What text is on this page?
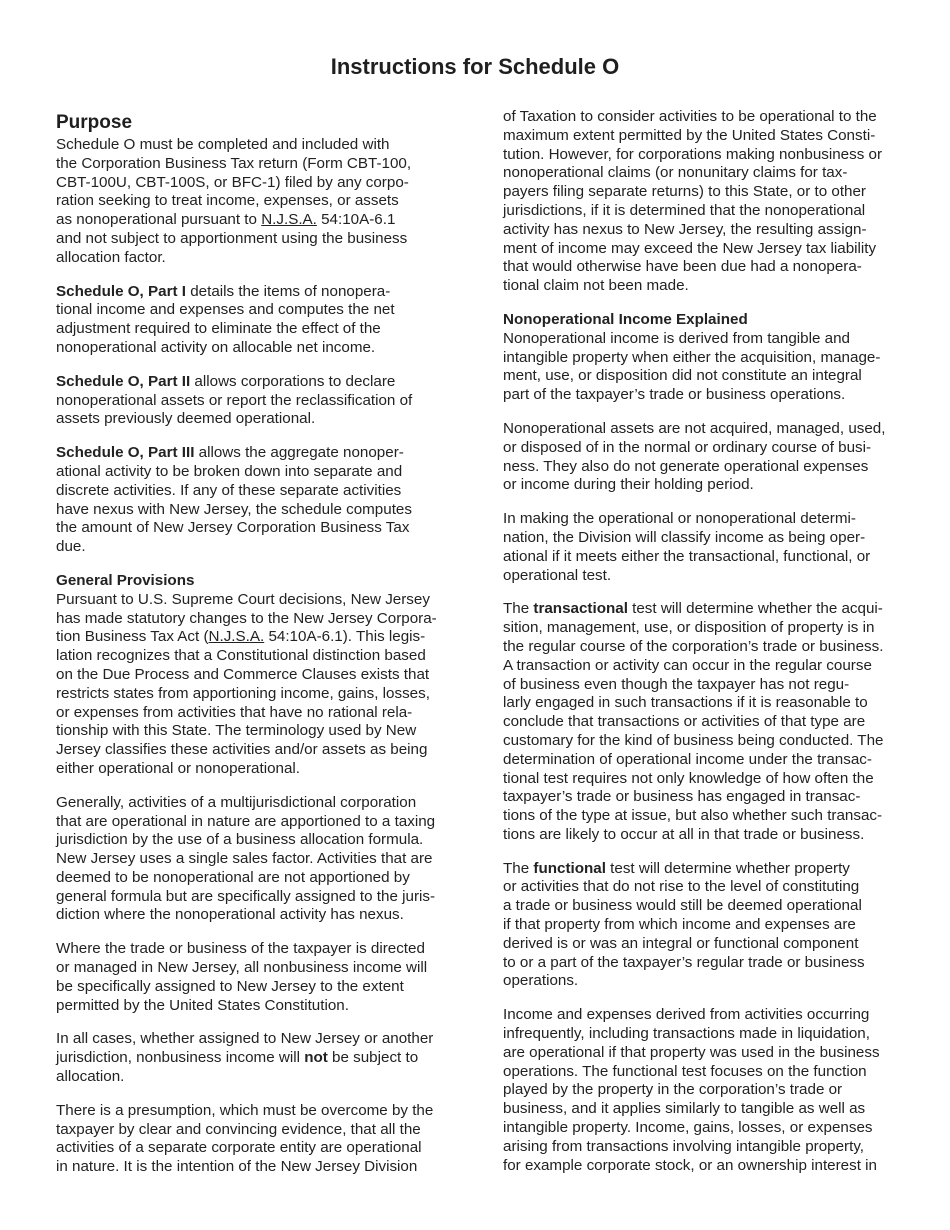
Instructions for Schedule O
Purpose

Schedule O must be completed and included with
the Corporation Business Tax return (Form CBT-100,
CBT-100U, CBT-100S, or BFC-1) filed by any corpo-
ration seeking to treat income, expenses, or assets
as nonoperational pursuant to N.J.S.A. 54:10A-6.1
and not subject to apportionment using the business
allocation factor.

Schedule O, Part I details the items of nonopera-
tional income and expenses and computes the net
adjustment required to eliminate the effect of the
nonoperational activity on allocable net income.

Schedule O, Part II allows corporations to declare
nonoperational assets or report the reclassification of
assets previously deemed operational.

Schedule O, Part III allows the aggregate nonoper-
ational activity to be broken down into separate and
discrete activities. If any of these separate activities
have nexus with New Jersey, the schedule computes
the amount of New Jersey Corporation Business Tax
due.

General Provisions

Pursuant to U.S. Supreme Court decisions, New Jersey
has made statutory changes to the New Jersey Corpora-
tion Business Tax Act (N.J.S.A. 54:10A-6.1). This legis-
lation recognizes that a Constitutional distinction based
on the Due Process and Commerce Clauses exists that
restricts states from apportioning income, gains, losses,
or expenses from activities that have no rational rela-
tionship with this State. The terminology used by New
Jersey classifies these activities and/or assets as being
either operational or nonoperational.

Generally, activities of a multijurisdictional corporation
that are operational in nature are apportioned to a taxing
jurisdiction by the use of a business allocation formula.
New Jersey uses a single sales factor. Activities that are
deemed to be nonoperational are not apportioned by
general formula but are specifically assigned to the juris-
diction where the nonoperational activity has nexus.

Where the trade or business of the taxpayer is directed
or managed in New Jersey, all nonbusiness income will
be specifically assigned to New Jersey to the extent
permitted by the United States Constitution.

In all cases, whether assigned to New Jersey or another
jurisdiction, nonbusiness income will not be subject to
allocation.

There is a presumption, which must be overcome by the
taxpayer by clear and convincing evidence, that all the
activities of a separate corporate entity are operational
in nature. It is the intention of the New Jersey Division

of Taxation to consider activities to be operational to the
maximum extent permitted by the United States Consti-
tution. However, for corporations making nonbusiness or
nonoperational claims (or nonunitary claims for tax-
payers filing separate returns) to this State, or to other
jurisdictions, if it is determined that the nonoperational
activity has nexus to New Jersey, the resulting assign-
ment of income may exceed the New Jersey tax liability
that would otherwise have been due had a nonopera-
tional claim not been made.

Nonoperational Income Explained

Nonoperational income is derived from tangible and
intangible property when either the acquisition, manage-
ment, use, or disposition did not constitute an integral
part of the taxpayer’s trade or business operations.

Nonoperational assets are not acquired, managed, used,
or disposed of in the normal or ordinary course of busi-
ness. They also do not generate operational expenses
or income during their holding period.

In making the operational or nonoperational determi-
nation, the Division will classify income as being oper-
ational if it meets either the transactional, functional, or
operational test.

The transactional test will determine whether the acqui-
sition, management, use, or disposition of property is in
the regular course of the corporation’s trade or business.
A transaction or activity can occur in the regular course
of business even though the taxpayer has not regu-
larly engaged in such transactions if it is reasonable to
conclude that transactions or activities of that type are
customary for the kind of business being conducted. The
determination of operational income under the transac-
tional test requires not only knowledge of how often the
taxpayer’s trade or business has engaged in transac-
tions of the type at issue, but also whether such transac-
tions are likely to occur at all in that trade or business.

The functional test will determine whether property
or activities that do not rise to the level of constituting
a trade or business would still be deemed operational
if that property from which income and expenses are
derived is or was an integral or functional component
to or a part of the taxpayer’s regular trade or business
operations.

Income and expenses derived from activities occurring
infrequently, including transactions made in liquidation,
are operational if that property was used in the business
operations. The functional test focuses on the function
played by the property in the corporation’s trade or
business, and it applies similarly to tangible as well as
intangible property. Income, gains, losses, or expenses
arising from transactions involving intangible property,
for example corporate stock, or an ownership interest in
